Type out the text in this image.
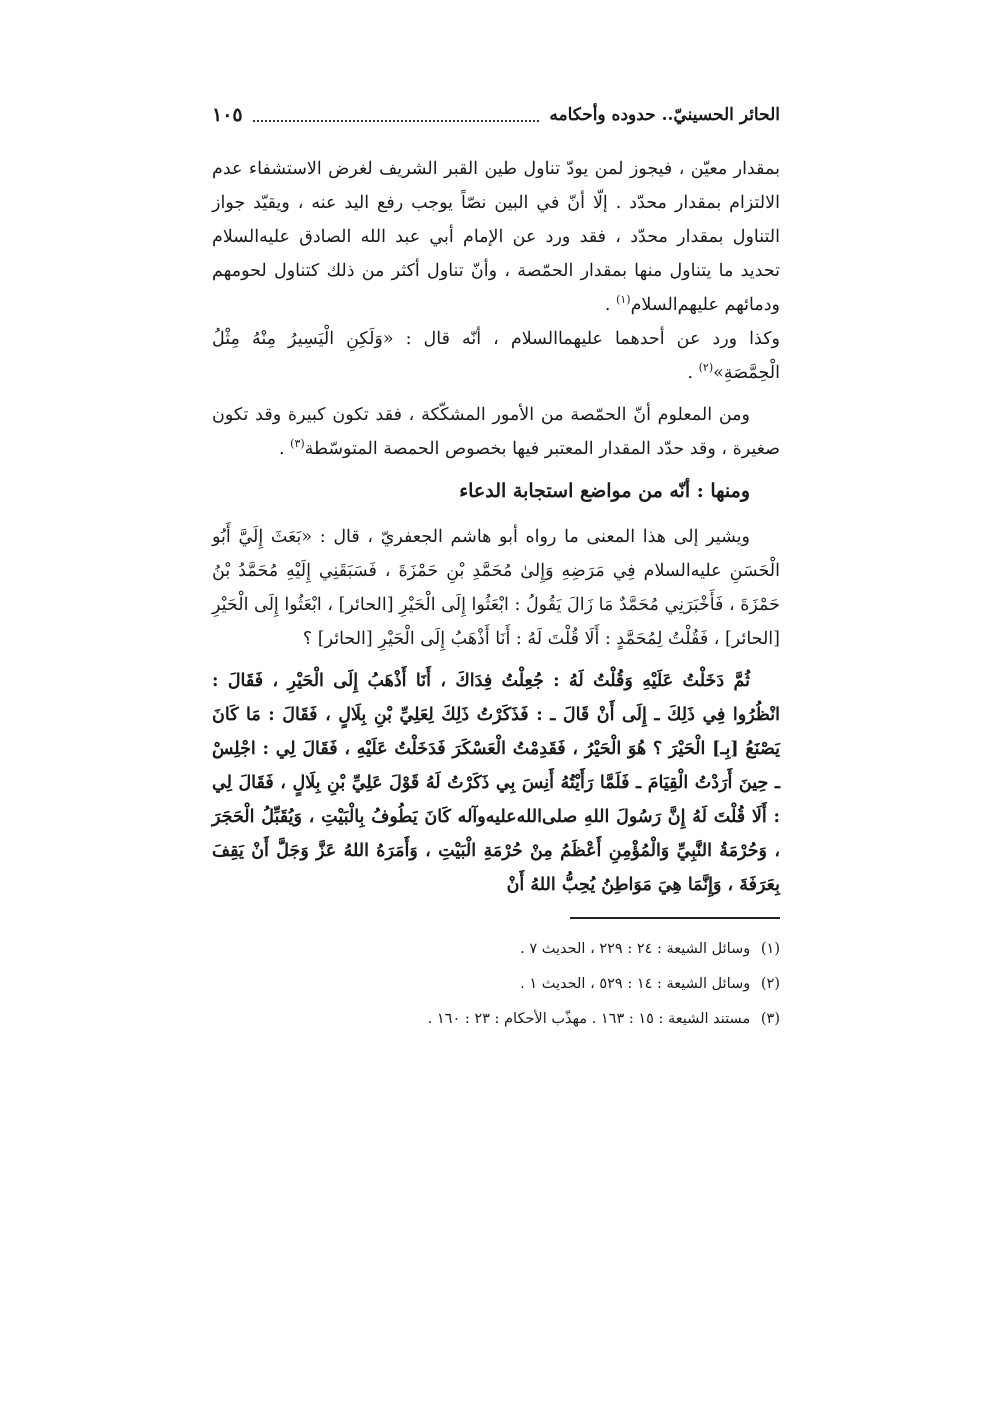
الحائر الحسينيّ.. حدوده وأحكامه
١٠٥

بمقدار معيّن ، فيجوز لمن يودّ تناول طين القبر الشريف لغرض الاستشفاء عدم الالتزام بمقدار محدّد . إلّا أنّ في البين نصّاً يوجب رفع اليد عنه ، ويقيّد جواز التناول بمقدار محدّد ، فقد ورد عن الإمام أبي عبد الله الصادق عليه‌السلام تحديد ما يتناول منها بمقدار الحمّصة ، وأنّ تناول أكثر من ذلك كتناول لحومهم ودمائهم عليهم‌السلام$^{(١)}$ .
وكذا ورد عن أحدهما عليهما‌السلام ، أنّه قال : «وَلَكِنِ الْيَسِيرُ مِنْهُ مِثْلُ الْحِمَّصَةِ»$^{(٢)}$ .

ومن المعلوم أنّ الحمّصة من الأمور المشكّكة ، فقد تكون كبيرة وقد تكون صغيرة ، وقد حدّد المقدار المعتبر فيها بخصوص الحمصة المتوسّطة$^{(٣)}$ .

ومنها : أنّه من مواضع استجابة الدعاء

ويشير إلى هذا المعنى ما رواه أبو هاشم الجعفريّ ، قال : «بَعَثَ إِلَيَّ أَبُو الْحَسَنِ عليه‌السلام فِي مَرَضِهِ وَإِلىٰ مُحَمَّدِ بْنِ حَمْزَةَ ، فَسَبَقَنِي إِلَيْهِ مُحَمَّدُ بْنُ حَمْزَةَ ، فَأَخْبَرَنِي مُحَمَّدٌ مَا زَالَ يَقُولُ : ابْعَثُوا إِلَى الْحَيْرِ [الحائر] ، ابْعَثُوا إِلَى الْحَيْرِ [الحائر] ، فَقُلْتُ لِمُحَمَّدٍ : أَلَا قُلْتَ لَهُ : أَنَا أَذْهَبُ إِلَى الْحَيْرِ [الحائر] ؟

ثُمَّ دَخَلْتُ عَلَيْهِ وَقُلْتُ لَهُ : جُعِلْتُ فِدَاكَ ، أَنَا أَذْهَبُ إِلَى الْحَيْرِ ، فَقَالَ : انْظُرُوا فِي ذَلِكَ ـ إِلَى أَنْ قَالَ ـ : فَذَكَرْتُ ذَلِكَ لِعَلِيِّ بْنِ بِلَالٍ ، فَقَالَ : مَا كَانَ يَصْنَعُ [بِـ] الْحَيْرَ ؟ هُوَ الْحَيْرُ ، فَقَدِمْتُ الْعَسْكَرَ فَدَخَلْتُ عَلَيْهِ ، فَقَالَ لِي : اجْلِسْ ـ حِينَ أَرَدْتُ الْقِيَامَ ـ فَلَمَّا رَأَيْتُهُ أَنِسَ بِي ذَكَرْتُ لَهُ قَوْلَ عَلِيِّ بْنِ بِلَالٍ ، فَقَالَ لِي : أَلَا قُلْتَ لَهُ إِنَّ رَسُولَ اللهِ صلى‌الله‌عليه‌وآله كَانَ يَطُوفُ بِالْبَيْتِ ، وَيُقَبِّلُ الْحَجَرَ ، وَحُرْمَةُ النَّبِيِّ وَالْمُؤْمِنِ أَعْظَمُ مِنْ حُرْمَةِ الْبَيْتِ ، وَأَمَرَهُ اللهُ عَزَّ وَجَلَّ أَنْ يَقِفَ بِعَرَفَةَ ، وَإِنَّمَا هِيَ مَوَاطِنُ يُحِبُّ اللهُ أَنْ

(١) وسائل الشيعة : ٢٤ : ٢٢٩ ، الحديث ٧ .
(٢) وسائل الشيعة : ١٤ : ٥٢٩ ، الحديث ١ .
(٣) مستند الشيعة : ١٥ : ١٦٣ . مهذّب الأحكام : ٢٣ : ١٦٠ .
